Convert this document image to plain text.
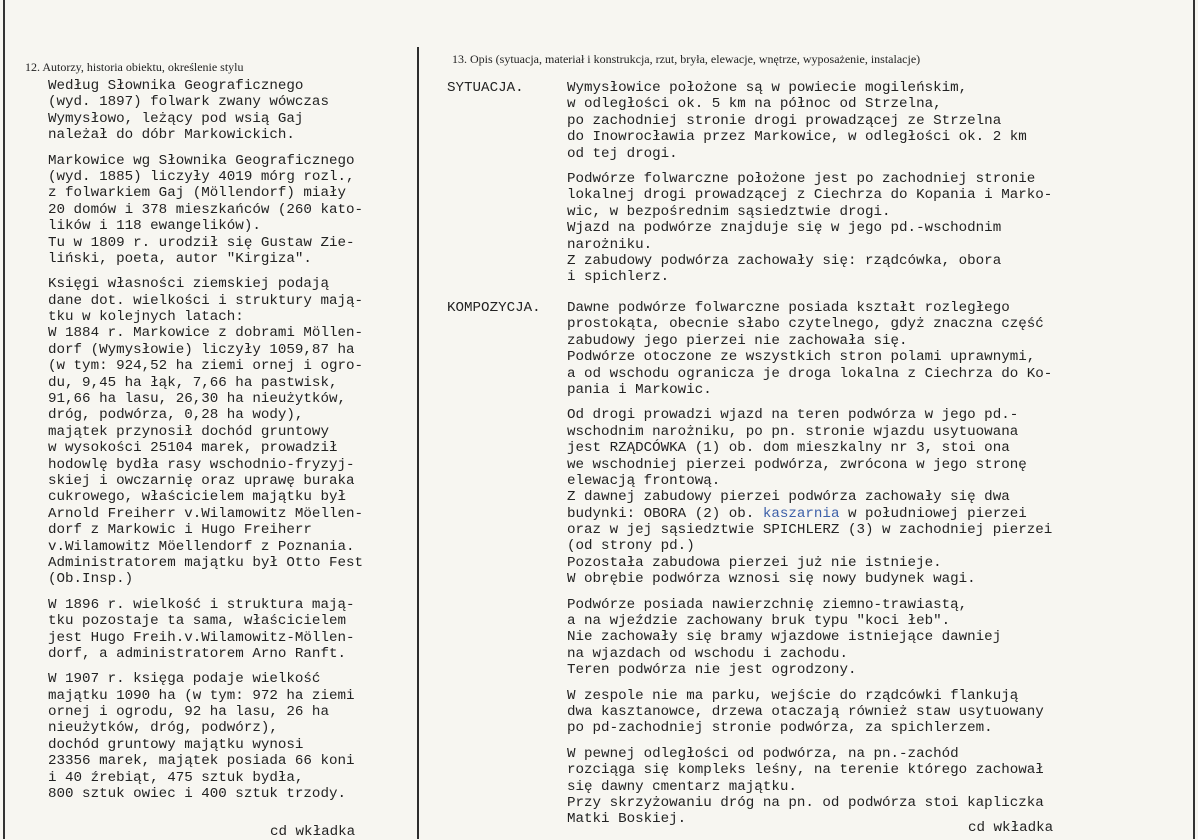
12. Autorzy, historia obiektu, określenie stylu
13. Opis (sytuacja, materiał i konstrukcja, rzut, bryła, elewacje, wnętrze, wyposażenie, instalacje)
Według Słownika Geograficznego
(wyd. 1897) folwark zwany wówczas
Wymysłowo, leżący pod wsią Gaj
należał do dóbr Markowickich.
Markowice wg Słownika Geograficznego
(wyd. 1885) liczyły 4019 mórg rozl.,
z folwarkiem Gaj (Möllendorf) miały
20 domów i 378 mieszkańców (260 kato-
lików i 118 ewangelików).
Tu w 1809 r. urodził się Gustaw Zie-
liński, poeta, autor "Kirgiza".
Księgi własności ziemskiej podają
dane dot. wielkości i struktury mają-
tku w kolejnych latach:
W 1884 r. Markowice z dobrami Möllen-
dorf (Wymysłowie) liczyły 1059,87 ha
(w tym: 924,52 ha ziemi ornej i ogro-
du, 9,45 ha łąk, 7,66 ha pastwisk,
91,66 ha lasu, 26,30 ha nieużytków,
dróg, podwórza, 0,28 ha wody),
majątek przynosił dochód gruntowy
w wysokości 25104 marek, prowadził
hodowlę bydła rasy wschodnio-fryzyj-
skiej i owczarnię oraz uprawę buraka
cukrowego, właścicielem majątku był
Arnold Freiherr v.Wilamowitz Möellen-
dorf z Markowic i Hugo Freiherr
v.Wilamowitz Möellendorf z Poznania.
Administratorem majątku był Otto Fest
(Ob.Insp.)
W 1896 r. wielkość i struktura mają-
tku pozostaje ta sama, właścicielem
jest Hugo Freih.v.Wilamowitz-Möllen-
dorf, a administratorem Arno Ranft.
W 1907 r. księga podaje wielkość
majątku 1090 ha (w tym: 972 ha ziemi
ornej i ogrodu, 92 ha lasu, 26 ha
nieużytków, dróg, podwórz),
dochód gruntowy majątku wynosi
23356 marek, majątek posiada 66 koni
i 40 źrebiąt, 475 sztuk bydła,
800 sztuk owiec i 400 sztuk trzody.
SYTUACJA.	Wymysłowice położone są w powiecie mogileńskim,
w odległości ok. 5 km na północ od Strzelna,
po zachodniej stronie drogi prowadzącej ze Strzelna
do Inowrocławia przez Markowice, w odległości ok. 2 km
od tej drogi.
Podwórze folwarczne położone jest po zachodniej stronie
lokalnej drogi prowadzącej z Ciechrza do Kopania i Marko-
wic, w bezpośrednim sąsiedztwie drogi.
Wjazd na podwórze znajduje się w jego pd.-wschodnim
narożniku.
Z zabudowy podwórza zachowały się: rządcówka, obora
i spichlerz.
KOMPOZYCJA. Dawne podwórze folwarczne posiada kształt rozległego
prostokąta, obecnie słabo czytelnego, gdyż znaczna część
zabudowy jego pierzei nie zachowała się.
Podwórze otoczone ze wszystkich stron polami uprawnymi,
a od wschodu ogranicza je droga lokalna z Ciechrza do Ko-
pania i Markowic.
Od drogi prowadzi wjazd na teren podwórza w jego pd.-
wschodnim narożniku, po pn. stronie wjazdu usytuowana
jest RZĄDCÓWKA (1) ob. dom mieszkalny nr 3, stoi ona
we wschodniej pierzei podwórza, zwrócona w jego stronę
elewacją frontową.
Z dawnej zabudowy pierzei podwórza zachowały się dwa
budynki: OBORA (2) ob. kaszarnia w południowej pierzei
oraz w jej sąsiedztwie SPICHLERZ (3) w zachodniej pierzei
(od strony pd.)
Pozostała zabudowa pierzei już nie istnieje.
W obrębie podwórza wznosi się nowy budynek wagi.
Podwórze posiada nawierzchnię ziemno-trawiastą,
a na wjeździe zachowany bruk typu "koci łeb".
Nie zachowały się bramy wjazdowe istniejące dawniej
na wjazdach od wschodu i zachodu.
Teren podwórza nie jest ogrodzony.
W zespole nie ma parku, wejście do rządcówki flankują
dwa kasztanowce, drzewa otaczają również staw usytuowany
po pd-zachodniej stronie podwórza, za spichlerzem.
W pewnej odległości od podwórza, na pn.-zachód
rozciąga się kompleks leśny, na terenie którego zachował
się dawny cmentarz majątku.
Przy skrzyżowaniu dróg na pn. od podwórza stoi kapliczka
Matki Boskiej.
cd wkładka	cd wkładka
